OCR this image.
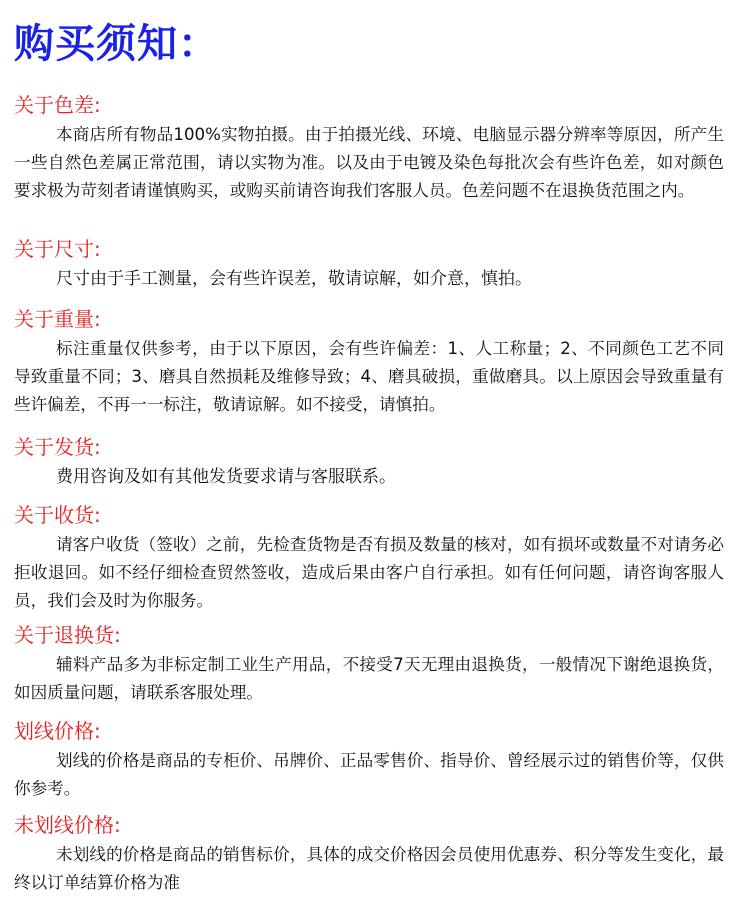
购买须知：
关于色差:
本商店所有物品100%实物拍摄。由于拍摄光线、环境、电脑显示器分辨率等原因，所产生一些自然色差属正常范围，请以实物为准。以及由于电镀及染色每批次会有些许色差，如对颜色要求极为苛刻者请谨慎购买，或购买前请咨询我们客服人员。色差问题不在退换货范围之内。
关于尺寸:
尺寸由于手工测量，会有些许误差，敬请谅解，如介意，慎拍。
关于重量:
标注重量仅供参考，由于以下原因，会有些许偏差：1、人工称量；2、不同颜色工艺不同导致重量不同；3、磨具自然损耗及维修导致；4、磨具破损，重做磨具。以上原因会导致重量有些许偏差，不再一一标注，敬请谅解。如不接受，请慎拍。
关于发货:
费用咨询及如有其他发货要求请与客服联系。
关于收货:
请客户收货（签收）之前，先检查货物是否有损及数量的核对，如有损坏或数量不对请务必拒收退回。如不经仔细检查贸然签收，造成后果由客户自行承担。如有任何问题，请咨询客服人员，我们会及时为你服务。
关于退换货:
辅料产品多为非标定制工业生产用品，不接受7天无理由退换货，一般情况下谢绝退换货，如因质量问题，请联系客服处理。
划线价格:
划线的价格是商品的专柜价、吊牌价、正品零售价、指导价、曾经展示过的销售价等，仅供你参考。
未划线价格:
未划线的价格是商品的销售标价，具体的成交价格因会员使用优惠券、积分等发生变化，最终以订单结算价格为准
